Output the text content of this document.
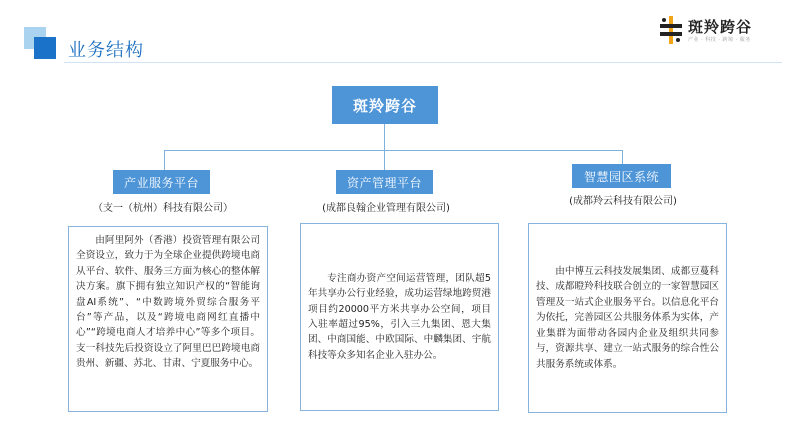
业务结构
斑羚跨谷
产业 · 科技 · 跨境 · 服务
斑羚跨谷
产业服务平台	资产管理平台	智慧园区系统
（支一（杭州）科技有限公司）	(成都良翰企业管理有限公司)
(成都羚云科技有限公司)
由阿里阿外（香港）投资管理有限公司全资设立，致力于为全球企业提供跨境电商从平台、软件、服务三方面为核心的整体解决方案。旗下拥有独立知识产权的“智能询盘AI系统”、“中数跨境外贸综合服务平台”等产品，以及“跨境电商网红直播中心”“跨境电商人才培养中心”等多个项目。支一科技先后投资设立了阿里巴巴跨境电商贵州、新疆、苏北、甘肃、宁夏服务中心。
专注商办资产空间运营管理，团队超5年共享办公行业经验，成功运营绿地跨贸港项目约20000平方米共享办公空间，项目入驻率超过95%，引入三九集团、恩大集团、中商国能、中欧国际、中麟集团、宇航科技等众多知名企业入驻办公。
由中博互云科技发展集团、成都豆蔓科技、成都瞪羚科技联合创立的一家智慧园区管理及一站式企业服务平台。以信息化平台为依托，完善园区公共服务体系为实体，产业集群为面带动各园内企业及组织共同参与，资源共享、建立一站式服务的综合性公共服务系统或体系。
